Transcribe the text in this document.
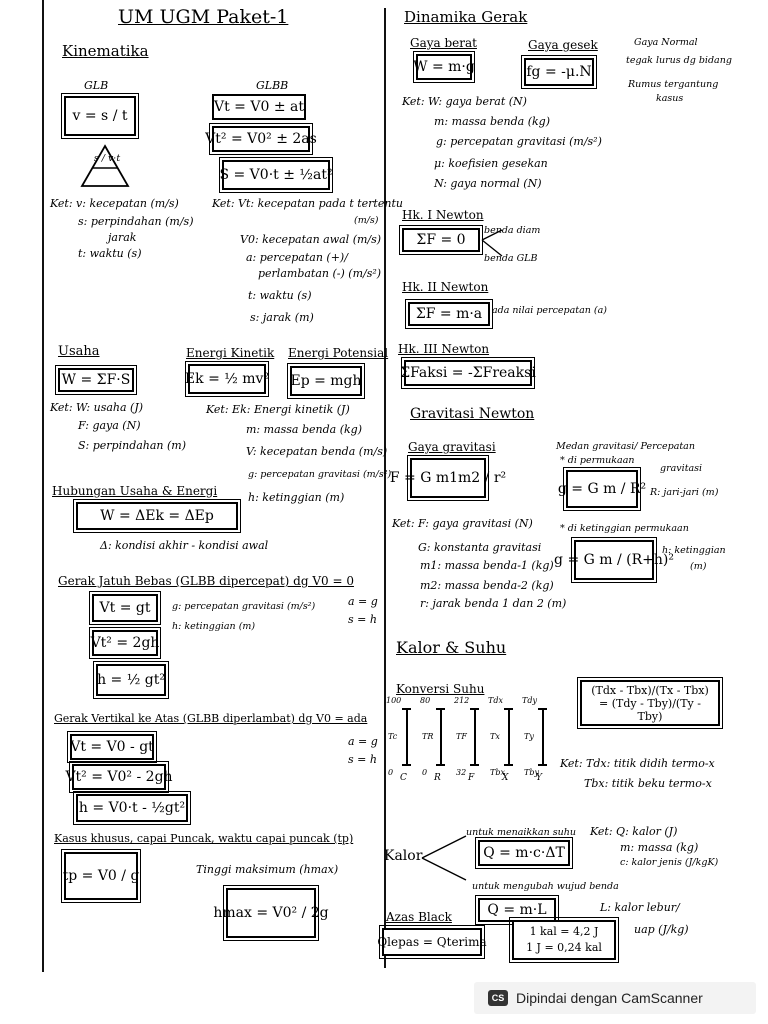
UM UGM Paket-1
Kinematika
GLB
v = s / t
s / v·t
GLBB
Vt = V0 ± at
Vt² = V0² ± 2as
S = V0·t ± ½at²
Ket: v: kecepatan (m/s)
s: perpindahan (m/s)
jarak
t: waktu (s)
Ket: Vt: kecepatan pada t tertentu
(m/s)
V0: kecepatan awal (m/s)
a: percepatan (+)/
perlambatan (-) (m/s²)
t: waktu (s)
s: jarak (m)
Usaha
W = ΣF·S
Ket: W: usaha (J)
F: gaya (N)
S: perpindahan (m)
Energi Kinetik
Ek = ½ mv²
Energi Potensial
Ep = mgh
Ket: Ek: Energi kinetik (J)
m: massa benda (kg)
V: kecepatan benda (m/s)
g: percepatan gravitasi (m/s²)
h: ketinggian (m)
Hubungan Usaha & Energi
W = ΔEk = ΔEp
Δ: kondisi akhir - kondisi awal
Gerak Jatuh Bebas (GLBB dipercepat) dg V0 = 0
a = g
s = h
Vt = gt
Vt² = 2gh
h = ½ gt²
g: percepatan gravitasi (m/s²)
h: ketinggian (m)
Gerak Vertikal ke Atas (GLBB diperlambat) dg V0 = ada
a = g
s = h
Vt = V0 - gt
Vt² = V0² - 2gh
h = V0·t - ½gt²
Kasus khusus, capai Puncak, waktu capai puncak (tp)
tp = V0 / g	Tinggi maksimum (hmax)
hmax = V0² / 2g
Dinamika Gerak
Gaya berat
W = m·g
Gaya gesek
fg = -μ.N
Gaya Normal
tegak lurus dg bidang
Rumus tergantung
kasus
Ket: W: gaya berat (N)
m: massa benda (kg)
g: percepatan gravitasi (m/s²)
μ: koefisien gesekan
N: gaya normal (N)
Hk. I Newton
ΣF = 0
benda diam
benda GLB
Hk. II Newton
ΣF = m·a	ada nilai percepatan (a)
Hk. III Newton
ΣFaksi = -ΣFreaksi
Gravitasi Newton
Gaya gravitasi
F = G m1m2 / r²
Medan gravitasi/ Percepatan
* di permukaan
gravitasi
g = G m / R² R: jari-jari (m)
Ket: F: gaya gravitasi (N)
G: konstanta gravitasi
m1: massa benda-1 (kg)
m2: massa benda-2 (kg)
r: jarak benda 1 dan 2 (m)
* di ketinggian permukaan
g = G m / (R+h)²
h: ketinggian
(m)
Kalor & Suhu
Konversi Suhu
100
Tc
0
C
80
TR
0
R
212
TF
32
F
Tdx
Tx
Tbx
X
Tdy
Ty
Tby
Y
(Tdx - Tbx)/(Tx - Tbx) = (Tdy - Tby)/(Ty - Tby)
Ket: Tdx: titik didih termo-x
Tbx: titik beku termo-x
Kalor
untuk menaikkan suhu
Q = m·c·ΔT
untuk mengubah wujud benda
Q = m·L
Ket: Q: kalor (J)
m: massa (kg)
c: kalor jenis (J/kgK)
L: kalor lebur/
uap (J/kg)
Azas Black
Qlepas = Qterima
1 kal = 4,2 J
1 J = 0,24 kal
CS Dipindai dengan CamScanner
